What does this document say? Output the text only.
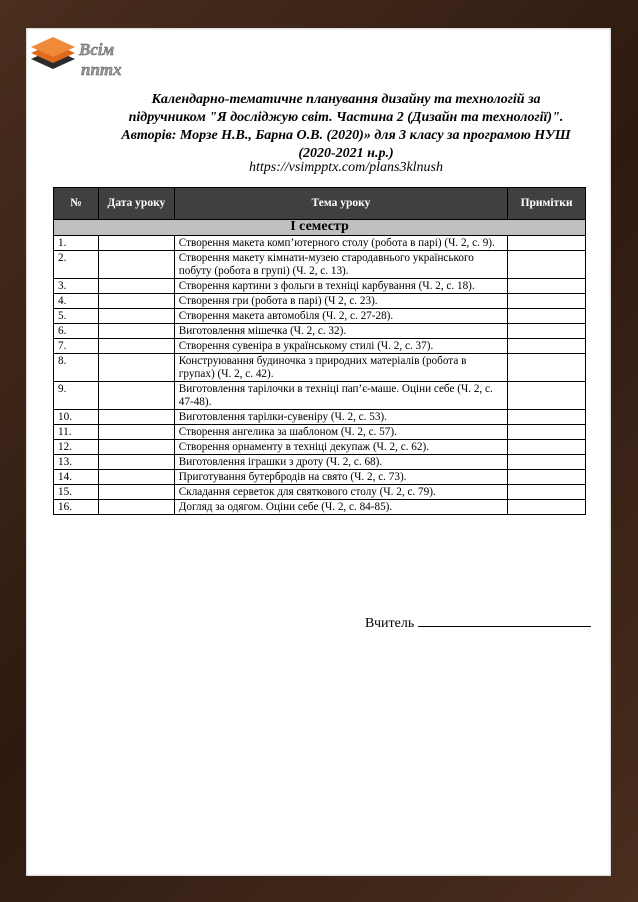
Всім
пптх
Календарно-тематичне планування дизайну та технологій за
підручником "Я досліджую світ. Частина 2 (Дизайн та технології)".
Авторів: Морзе Н.В., Барна О.В. (2020)» для 3 класу за програмою НУШ
(2020-2021 н.р.)
https://vsimpptx.com/plans3klnush
№	Дата уроку	Тема уроку	Примітки
І семестр			
1.		Створення макета комп’ютерного столу (робота в парі) (Ч. 2, с. 9).	
2.		Створення макету кімнати-музею стародавнього українського побуту (робота в групі) (Ч. 2, с. 13).	
3.		Створення картини з фольги в техніці карбування (Ч. 2, с. 18).	
4.		Створення гри (робота в парі) (Ч 2, с. 23).	
5.		Створення макета автомобіля (Ч. 2, с. 27-28).	
6.		Виготовлення мішечка (Ч. 2, с. 32).	
7.		Створення сувеніра в українському стилі (Ч. 2, с. 37).	
8.		Конструювання будиночка з природних матеріалів (робота в групах) (Ч. 2, с. 42).	
9.		Виготовлення тарілочки в техніці пап’є-маше. Оціни себе (Ч. 2, с. 47-48).	
10.		Виготовлення тарілки-сувеніру (Ч. 2, с. 53).	
11.		Створення ангелика за шаблоном (Ч. 2, с. 57).	
12.		Створення орнаменту в техніці декупаж (Ч. 2, с. 62).	
13.		Виготовлення іграшки з дроту (Ч. 2, с. 68).	
14.		Приготування бутербродів на свято (Ч. 2, с. 73).	
15.		Складання серветок для святкового столу (Ч. 2, с. 79).	
16.		Догляд за одягом. Оціни себе (Ч. 2, с. 84-85).	
Вчитель
